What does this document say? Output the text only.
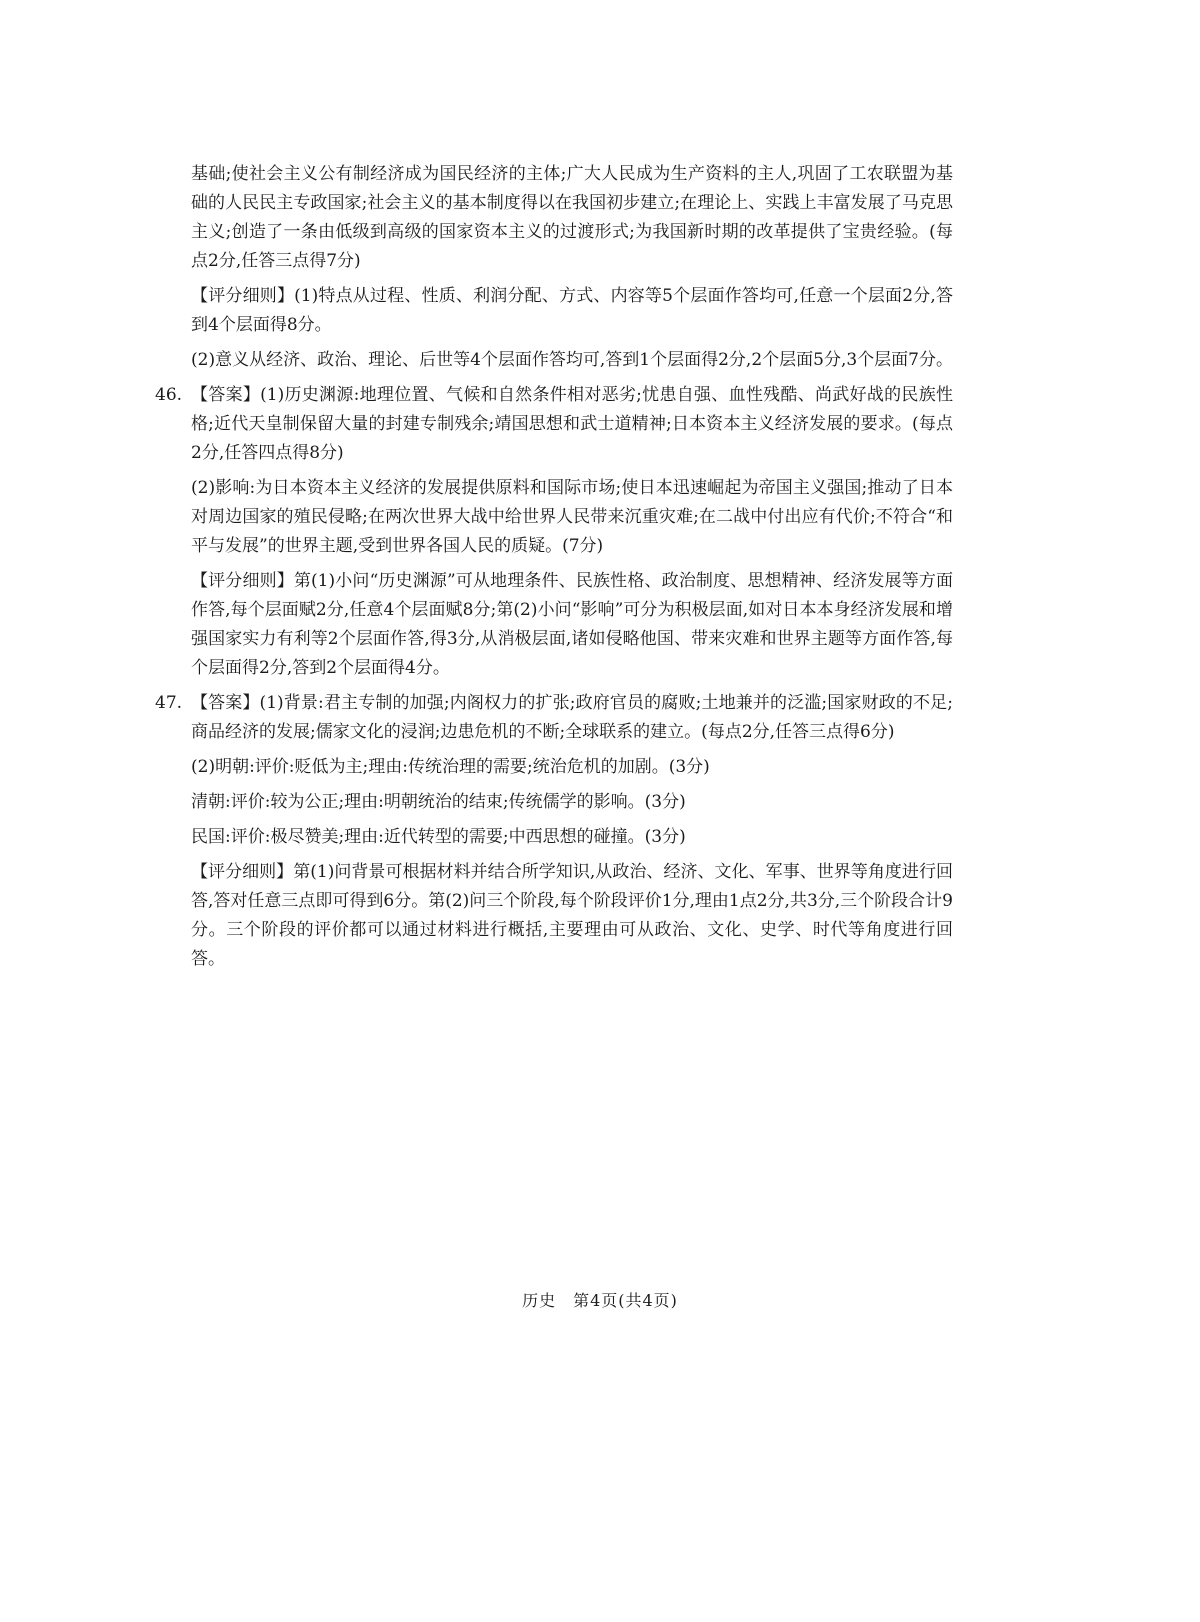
基础;使社会主义公有制经济成为国民经济的主体;广大人民成为生产资料的主人,巩固了工农联盟为基础的人民民主专政国家;社会主义的基本制度得以在我国初步建立;在理论上、实践上丰富发展了马克思主义;创造了一条由低级到高级的国家资本主义的过渡形式;为我国新时期的改革提供了宝贵经验。(每点2分,任答三点得7分)

【评分细则】(1)特点从过程、性质、利润分配、方式、内容等5个层面作答均可,任意一个层面2分,答到4个层面得8分。

(2)意义从经济、政治、理论、后世等4个层面作答均可,答到1个层面得2分,2个层面5分,3个层面7分。

46. 【答案】(1)历史渊源:地理位置、气候和自然条件相对恶劣;忧患自强、血性残酷、尚武好战的民族性格;近代天皇制保留大量的封建专制残余;靖国思想和武士道精神;日本资本主义经济发展的要求。(每点2分,任答四点得8分)

(2)影响:为日本资本主义经济的发展提供原料和国际市场;使日本迅速崛起为帝国主义强国;推动了日本对周边国家的殖民侵略;在两次世界大战中给世界人民带来沉重灾难;在二战中付出应有代价;不符合“和平与发展”的世界主题,受到世界各国人民的质疑。(7分)

【评分细则】第(1)小问“历史渊源”可从地理条件、民族性格、政治制度、思想精神、经济发展等方面作答,每个层面赋2分,任意4个层面赋8分;第(2)小问“影响”可分为积极层面,如对日本本身经济发展和增强国家实力有利等2个层面作答,得3分,从消极层面,诸如侵略他国、带来灾难和世界主题等方面作答,每个层面得2分,答到2个层面得4分。

47. 【答案】(1)背景:君主专制的加强;内阁权力的扩张;政府官员的腐败;土地兼并的泛滥;国家财政的不足;商品经济的发展;儒家文化的浸润;边患危机的不断;全球联系的建立。(每点2分,任答三点得6分)

(2)明朝:评价:贬低为主;理由:传统治理的需要;统治危机的加剧。(3分)

清朝:评价:较为公正;理由:明朝统治的结束;传统儒学的影响。(3分)

民国:评价:极尽赞美;理由:近代转型的需要;中西思想的碰撞。(3分)

【评分细则】第(1)问背景可根据材料并结合所学知识,从政治、经济、文化、军事、世界等角度进行回答,答对任意三点即可得到6分。第(2)问三个阶段,每个阶段评价1分,理由1点2分,共3分,三个阶段合计9分。三个阶段的评价都可以通过材料进行概括,主要理由可从政治、文化、史学、时代等角度进行回答。

历史　第4页(共4页)
